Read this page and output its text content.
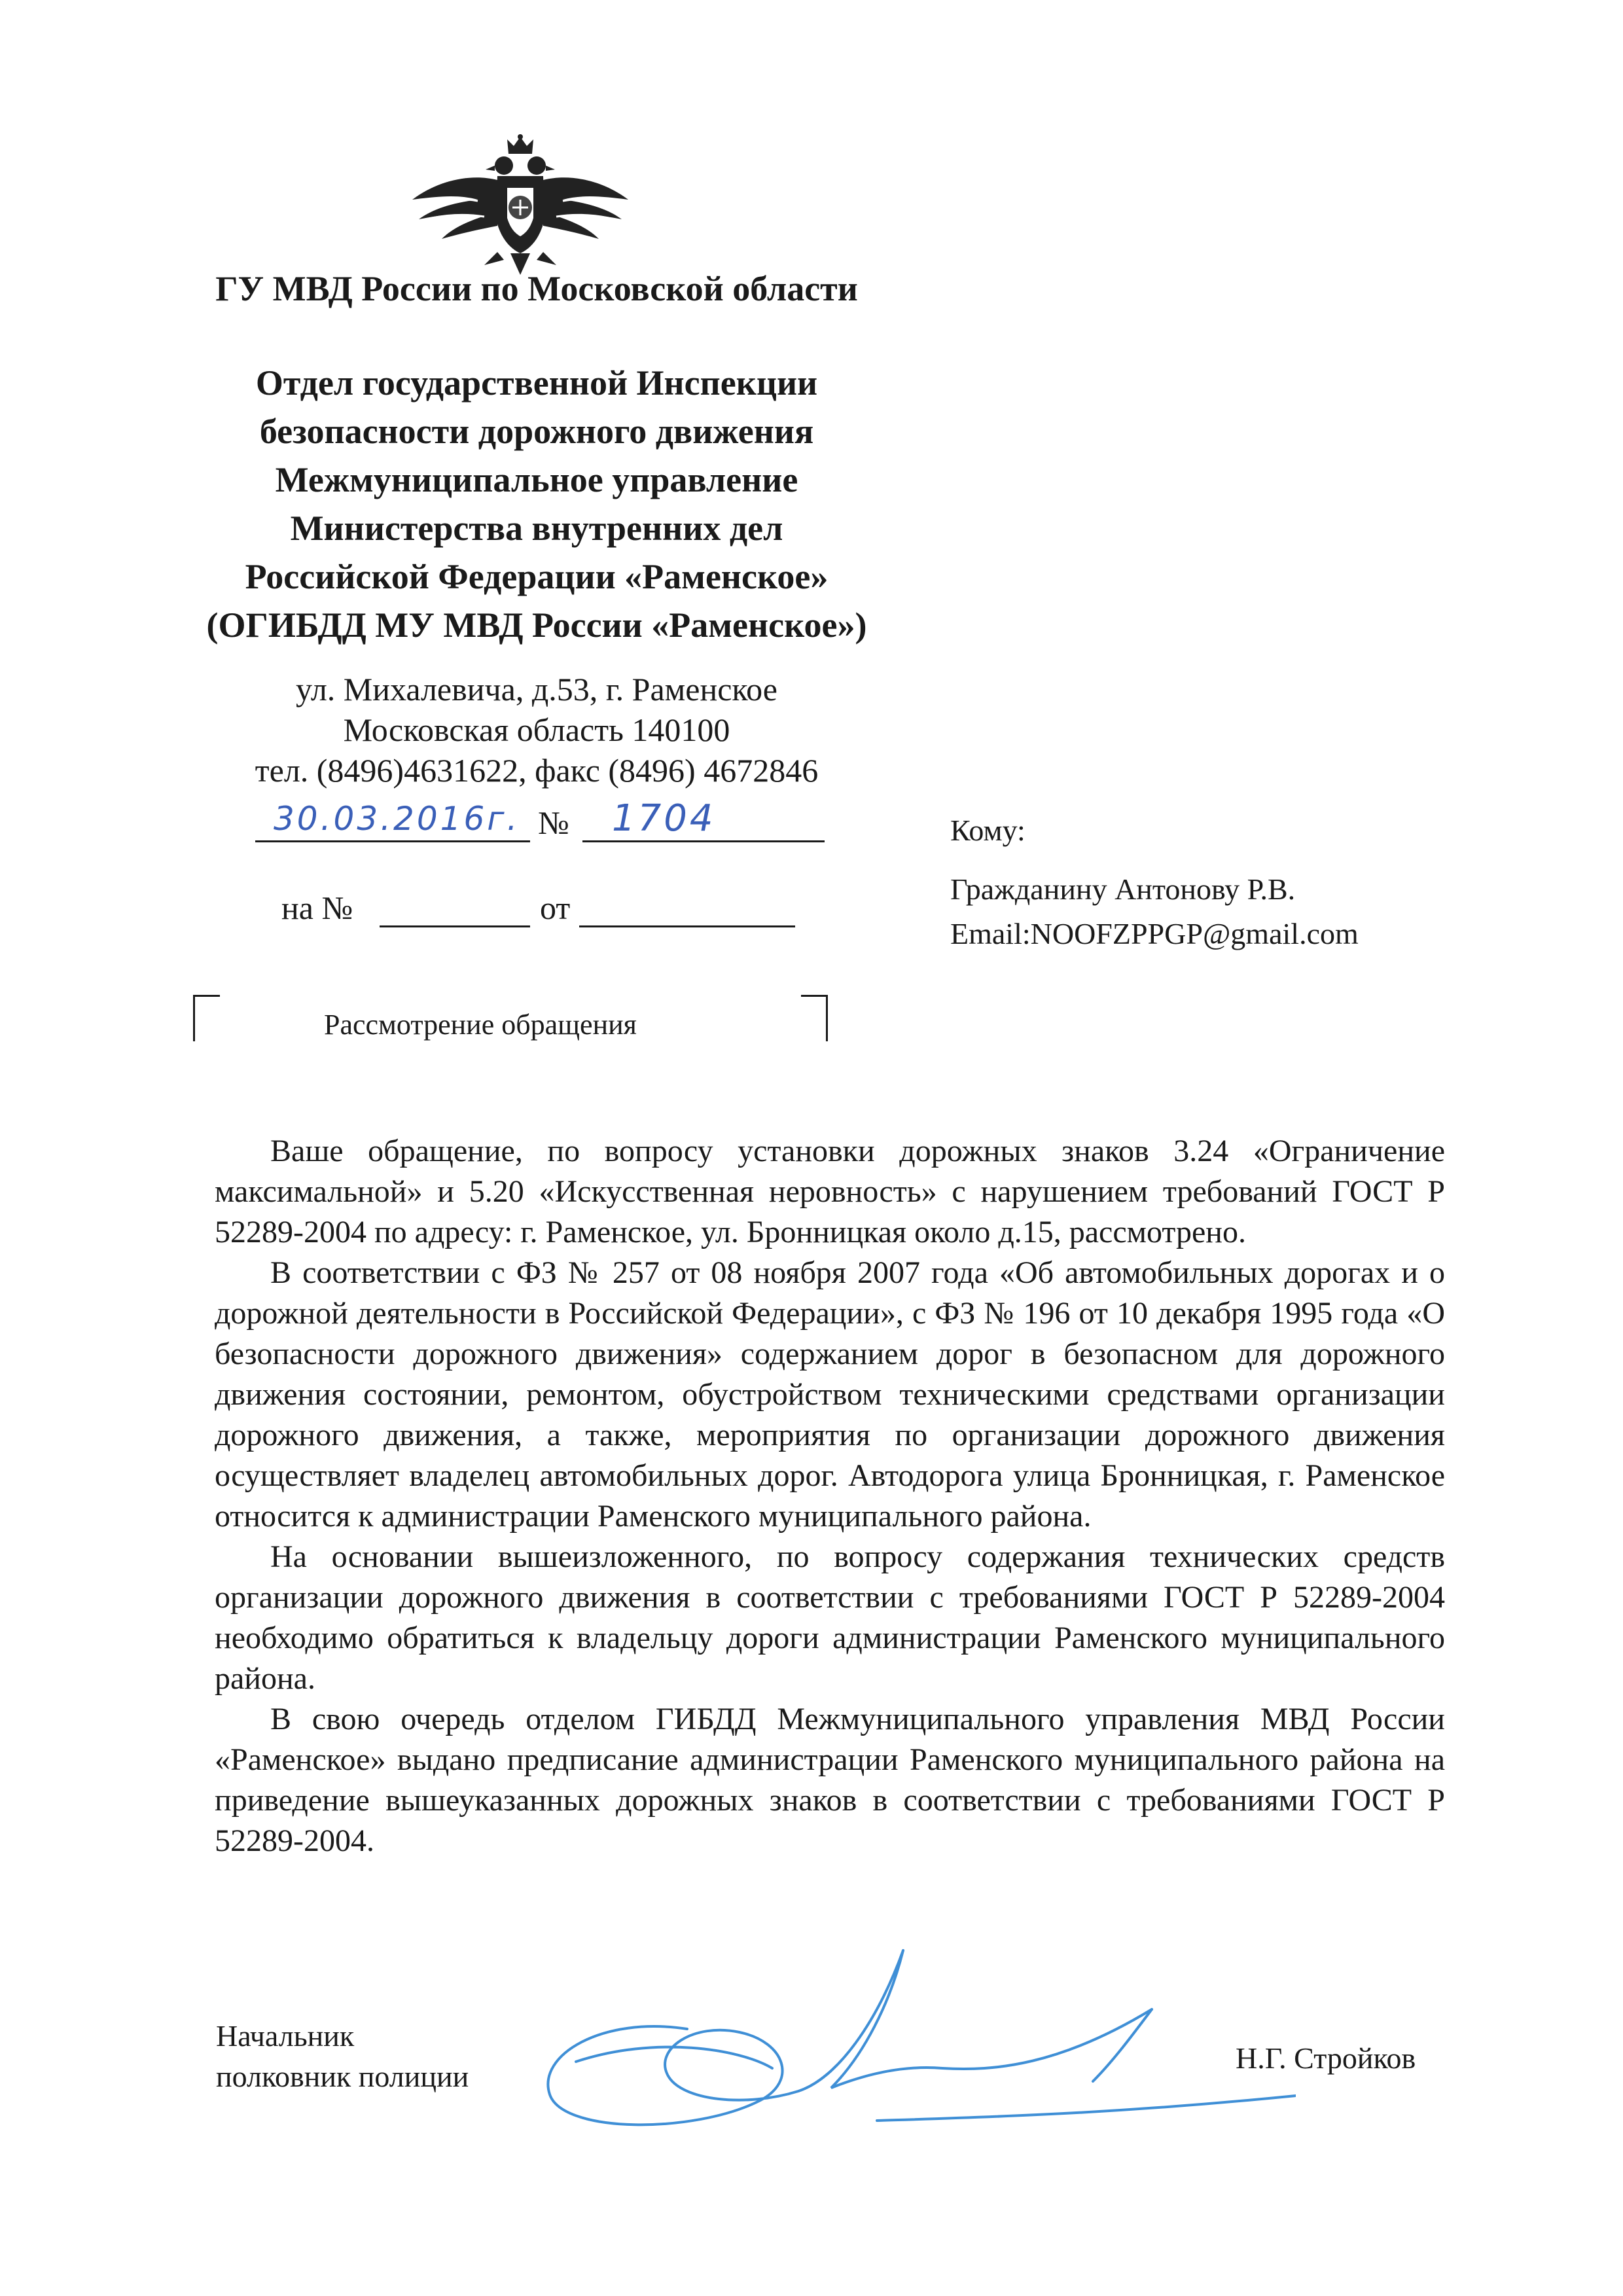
ГУ МВД России по Московской области
Отдел государственной Инспекции
безопасности дорожного движения
Межмуниципальное управление
Министерства внутренних дел
Российской Федерации «Раменское»
(ОГИБДД МУ МВД России «Раменское»)
ул. Михалевича, д.53, г. Раменское
Московская область 140100
тел. (8496)4631622, факс (8496) 4672846
30.03.2016г. № 1704
на №	от
Кому:
Гражданину Антонову Р.В.
Email:NOOFZPPGP@gmail.com
Рассмотрение обращения

Ваше обращение, по вопросу установки дорожных знаков 3.24 «Ограничение максимальной» и 5.20 «Искусственная неровность» с нарушением требований ГОСТ Р 52289-2004 по адресу: г. Раменское, ул. Бронницкая около д.15, рассмотрено.

В соответствии с ФЗ № 257 от 08 ноября 2007 года «Об автомобильных дорогах и о дорожной деятельности в Российской Федерации», с ФЗ № 196 от 10 декабря 1995 года «О безопасности дорожного движения» содержанием дорог в безопасном для дорожного движения состоянии, ремонтом, обустройством техническими средствами организации дорожного движения, а также, мероприятия по организации дорожного движения осуществляет владелец автомобильных дорог. Автодорога улица Бронницкая, г. Раменское относится к администрации Раменского муниципального района.

На основании вышеизложенного, по вопросу содержания технических средств организации дорожного движения в соответствии с требованиями ГОСТ Р 52289-2004 необходимо обратиться к владельцу дороги администрации Раменского муниципального района.

В свою очередь отделом ГИБДД Межмуниципального управления МВД России «Раменское» выдано предписание администрации Раменского муниципального района на приведение вышеуказанных дорожных знаков в соответствии с требованиями ГОСТ Р 52289-2004.

Начальник
полковник полиции
Н.Г. Стройков
